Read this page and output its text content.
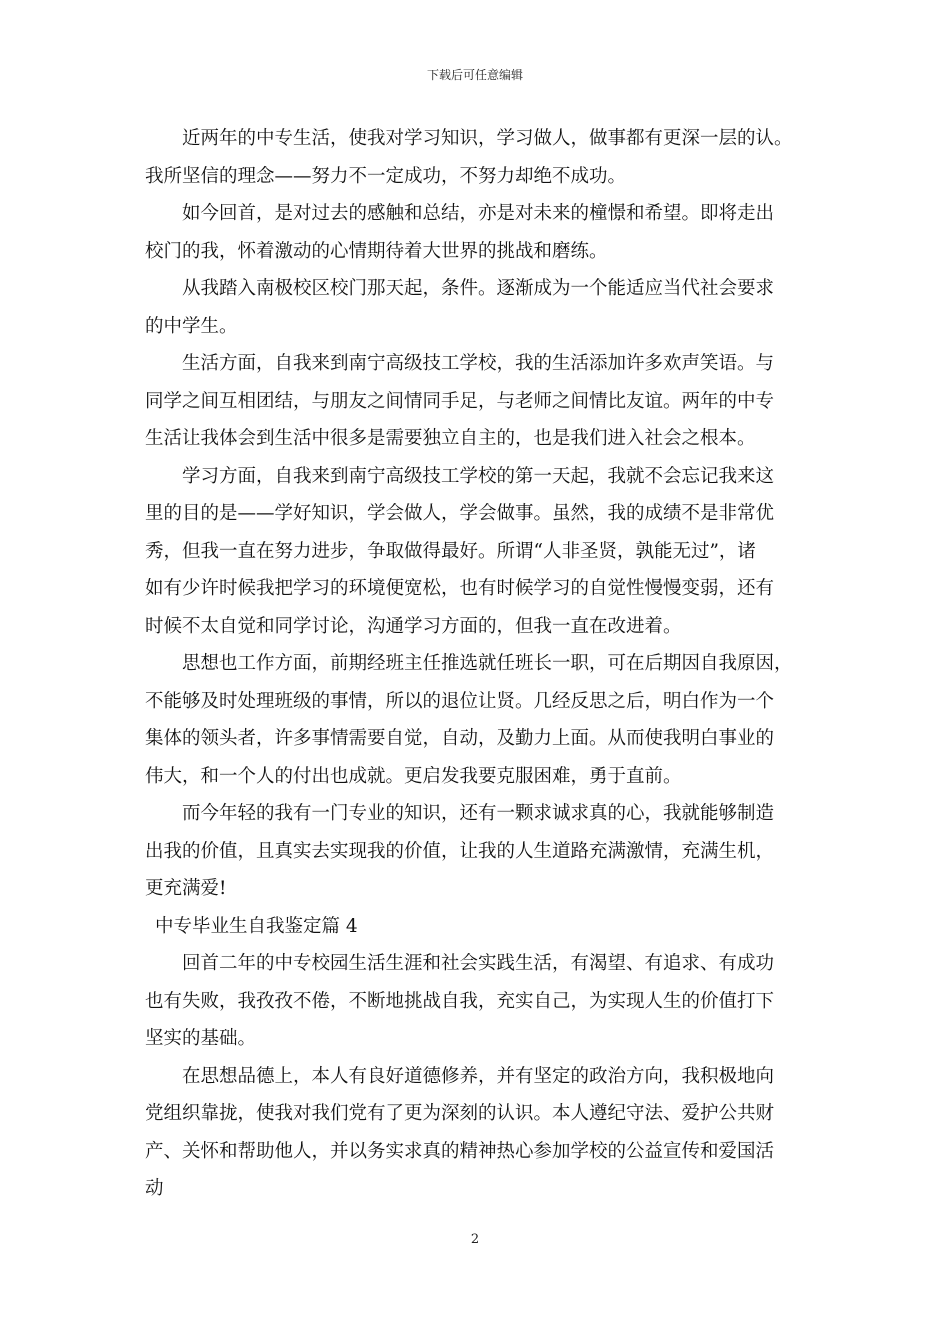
下载后可任意编辑
近两年的中专生活，使我对学习知识，学习做人，做事都有更深一层的认。
我所坚信的理念——努力不一定成功，不努力却绝不成功。
如今回首，是对过去的感触和总结，亦是对未来的橦憬和希望。即将走出
校门的我，怀着激动的心情期待着大世界的挑战和磨练。
从我踏入南极校区校门那天起，条件。逐渐成为一个能适应当代社会要求
的中学生。
生活方面，自我来到南宁高级技工学校，我的生活添加许多欢声笑语。与
同学之间互相团结，与朋友之间情同手足，与老师之间情比友谊。两年的中专
生活让我体会到生活中很多是需要独立自主的，也是我们进入社会之根本。
学习方面，自我来到南宁高级技工学校的第一天起，我就不会忘记我来这
里的目的是——学好知识，学会做人，学会做事。虽然，我的成绩不是非常优
秀，但我一直在努力进步，争取做得最好。所谓“人非圣贤，孰能无过”，诸
如有少许时候我把学习的环境便宽松，也有时候学习的自觉性慢慢变弱，还有
时候不太自觉和同学讨论，沟通学习方面的，但我一直在改进着。
思想也工作方面，前期经班主任推选就任班长一职，可在后期因自我原因，
不能够及时处理班级的事情，所以的退位让贤。几经反思之后，明白作为一个
集体的领头者，许多事情需要自觉，自动，及勤力上面。从而使我明白事业的
伟大，和一个人的付出也成就。更启发我要克服困难，勇于直前。
而今年轻的我有一门专业的知识，还有一颗求诚求真的心，我就能够制造
出我的价值，且真实去实现我的价值，让我的人生道路充满激情，充满生机，
更充满爱!
中专毕业生自我鉴定篇 4
回首二年的中专校园生活生涯和社会实践生活，有渴望、有追求、有成功
也有失败，我孜孜不倦，不断地挑战自我，充实自己，为实现人生的价值打下
坚实的基础。
在思想品德上，本人有良好道德修养，并有坚定的政治方向，我积极地向
党组织靠拢，使我对我们党有了更为深刻的认识。本人遵纪守法、爱护公共财
产、关怀和帮助他人，并以务实求真的精神热心参加学校的公益宣传和爱国活
动
2
